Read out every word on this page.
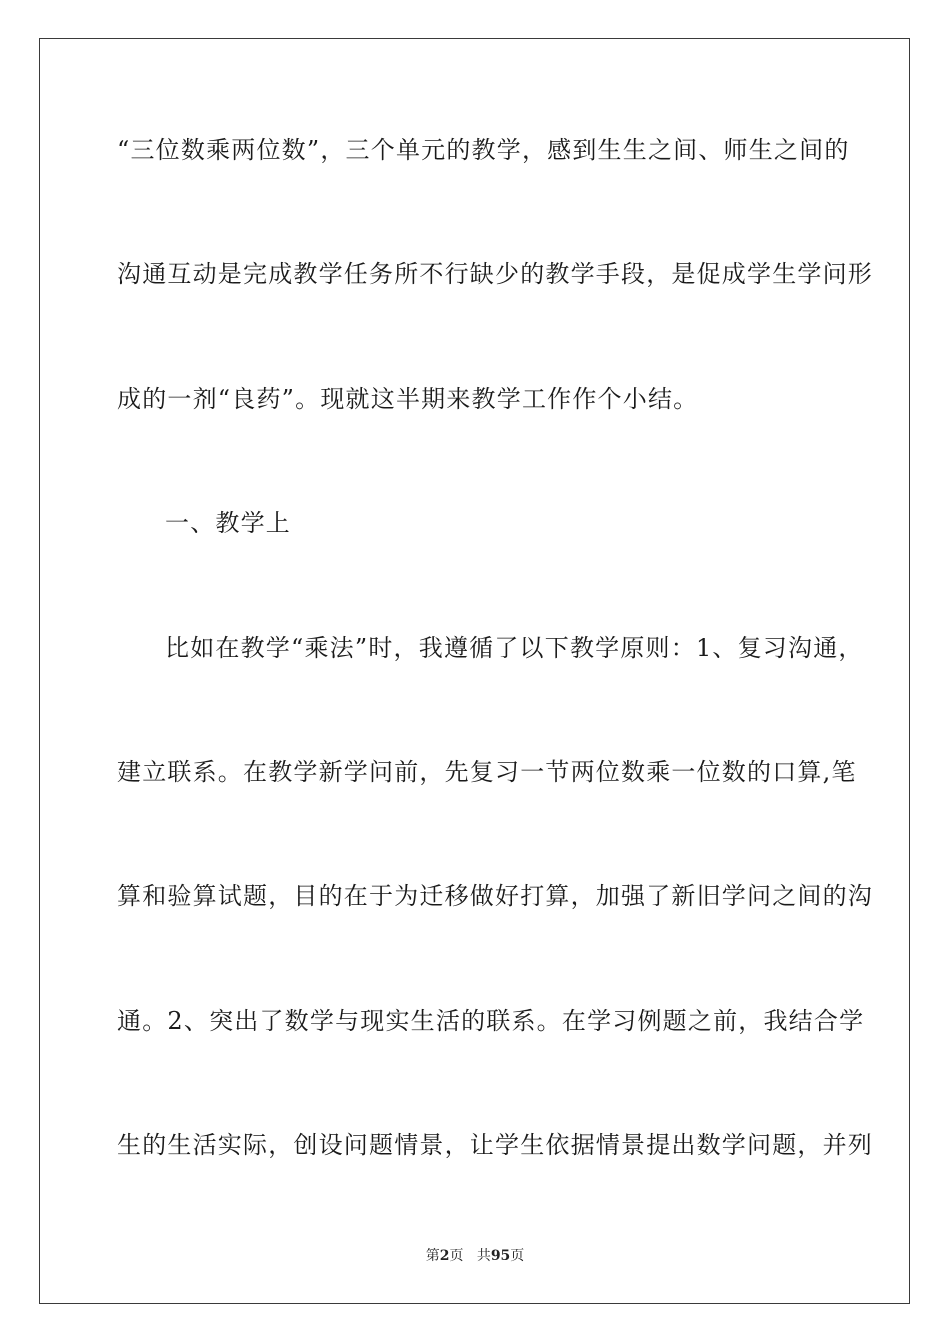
“三位数乘两位数”，三个单元的教学，感到生生之间、师生之间的
沟通互动是完成教学任务所不行缺少的教学手段，是促成学生学问形
成的一剂“良药”。现就这半期来教学工作作个小结。
一、教学上
比如在教学“乘法”时，我遵循了以下教学原则：1、复习沟通，
建立联系。在教学新学问前，先复习一节两位数乘一位数的口算,笔
算和验算试题，目的在于为迁移做好打算，加强了新旧学问之间的沟
通。2、突出了数学与现实生活的联系。在学习例题之前，我结合学
生的生活实际，创设问题情景，让学生依据情景提出数学问题，并列
第2页 共95页
